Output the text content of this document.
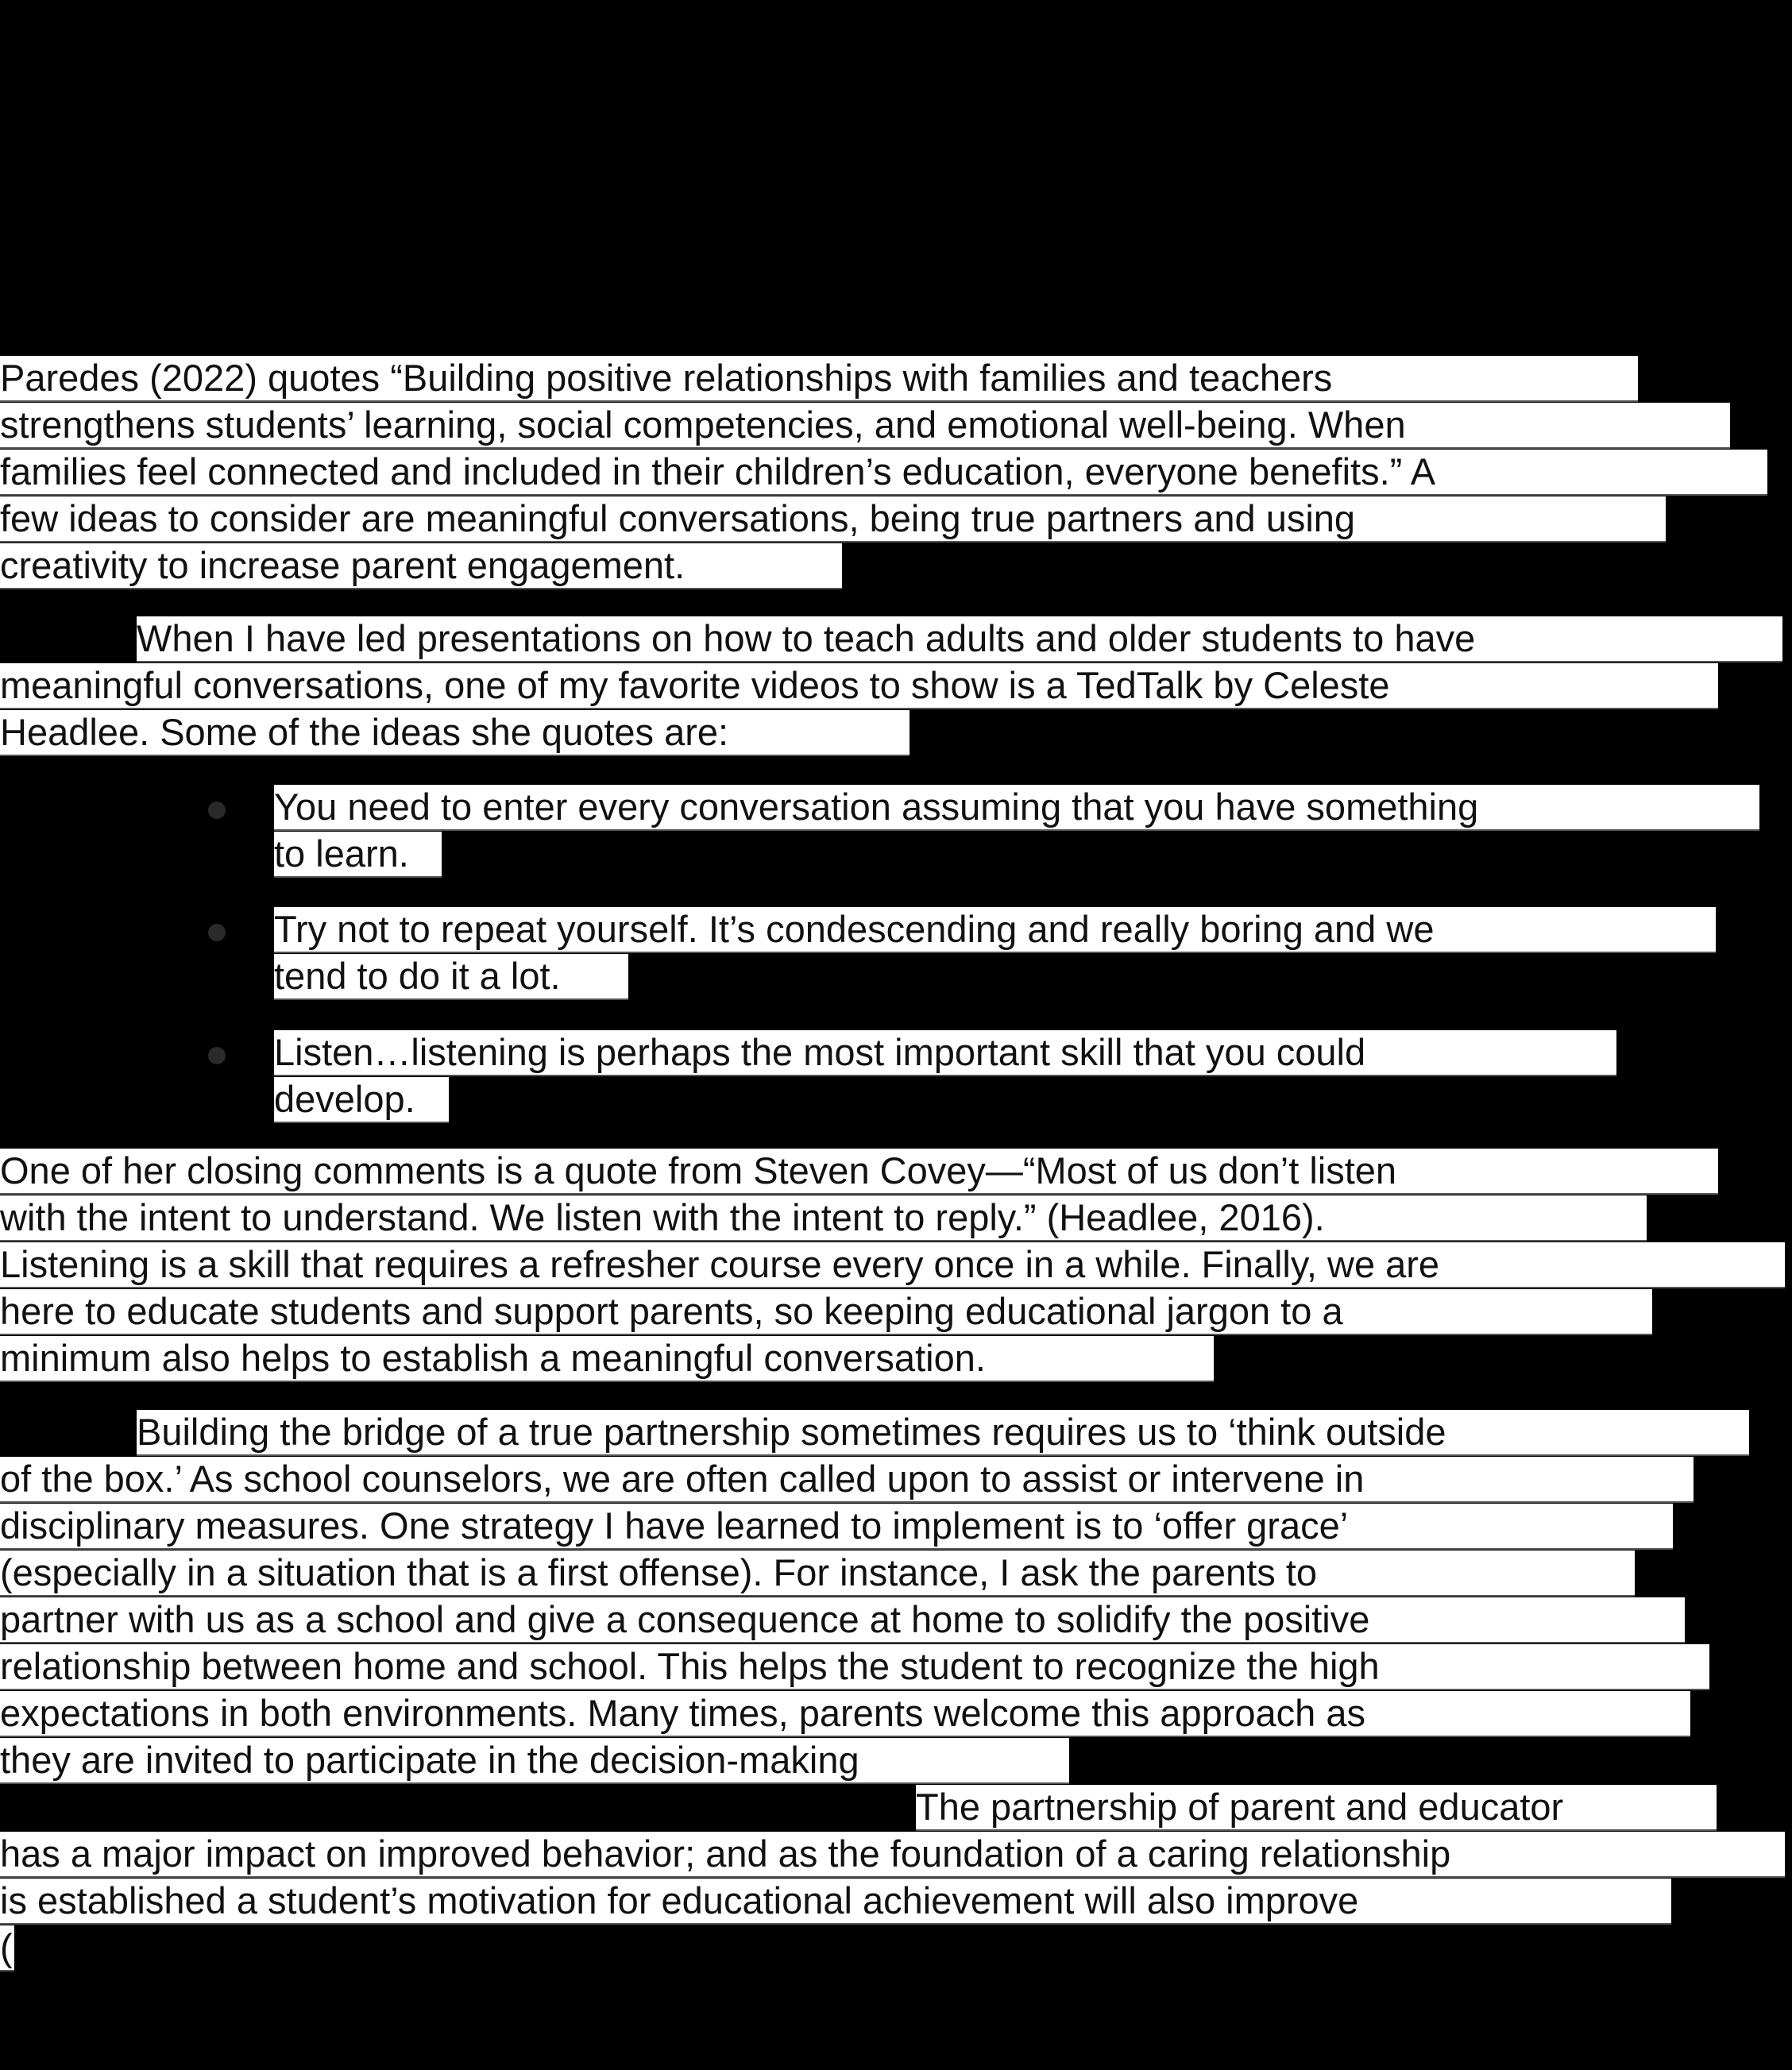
Paredes (2022) quotes “Building positive relationships with families and teachers
strengthens students’ learning, social competencies, and emotional well-being. When
families feel connected and included in their children’s education, everyone benefits.” A
few ideas to consider are meaningful conversations, being true partners and using
creativity to increase parent engagement.
When I have led presentations on how to teach adults and older students to have
meaningful conversations, one of my favorite videos to show is a TedTalk by Celeste
Headlee. Some of the ideas she quotes are:
You need to enter every conversation assuming that you have something
to learn.
Try not to repeat yourself. It’s condescending and really boring and we
tend to do it a lot.
Listen…listening is perhaps the most important skill that you could
develop.
One of her closing comments is a quote from Steven Covey—“Most of us don’t listen
with the intent to understand. We listen with the intent to reply.” (Headlee, 2016).
Listening is a skill that requires a refresher course every once in a while. Finally, we are
here to educate students and support parents, so keeping educational jargon to a
minimum also helps to establish a meaningful conversation.
Building the bridge of a true partnership sometimes requires us to ‘think outside
of the box.’ As school counselors, we are often called upon to assist or intervene in
disciplinary measures. One strategy I have learned to implement is to ‘offer grace’
(especially in a situation that is a first offense). For instance, I ask the parents to
partner with us as a school and give a consequence at home to solidify the positive
relationship between home and school. This helps the student to recognize the high
expectations in both environments. Many times, parents welcome this approach as
they are invited to participate in the decision-making
The partnership of parent and educator
has a major impact on improved behavior; and as the foundation of a caring relationship
is established a student’s motivation for educational achievement will also improve
(
